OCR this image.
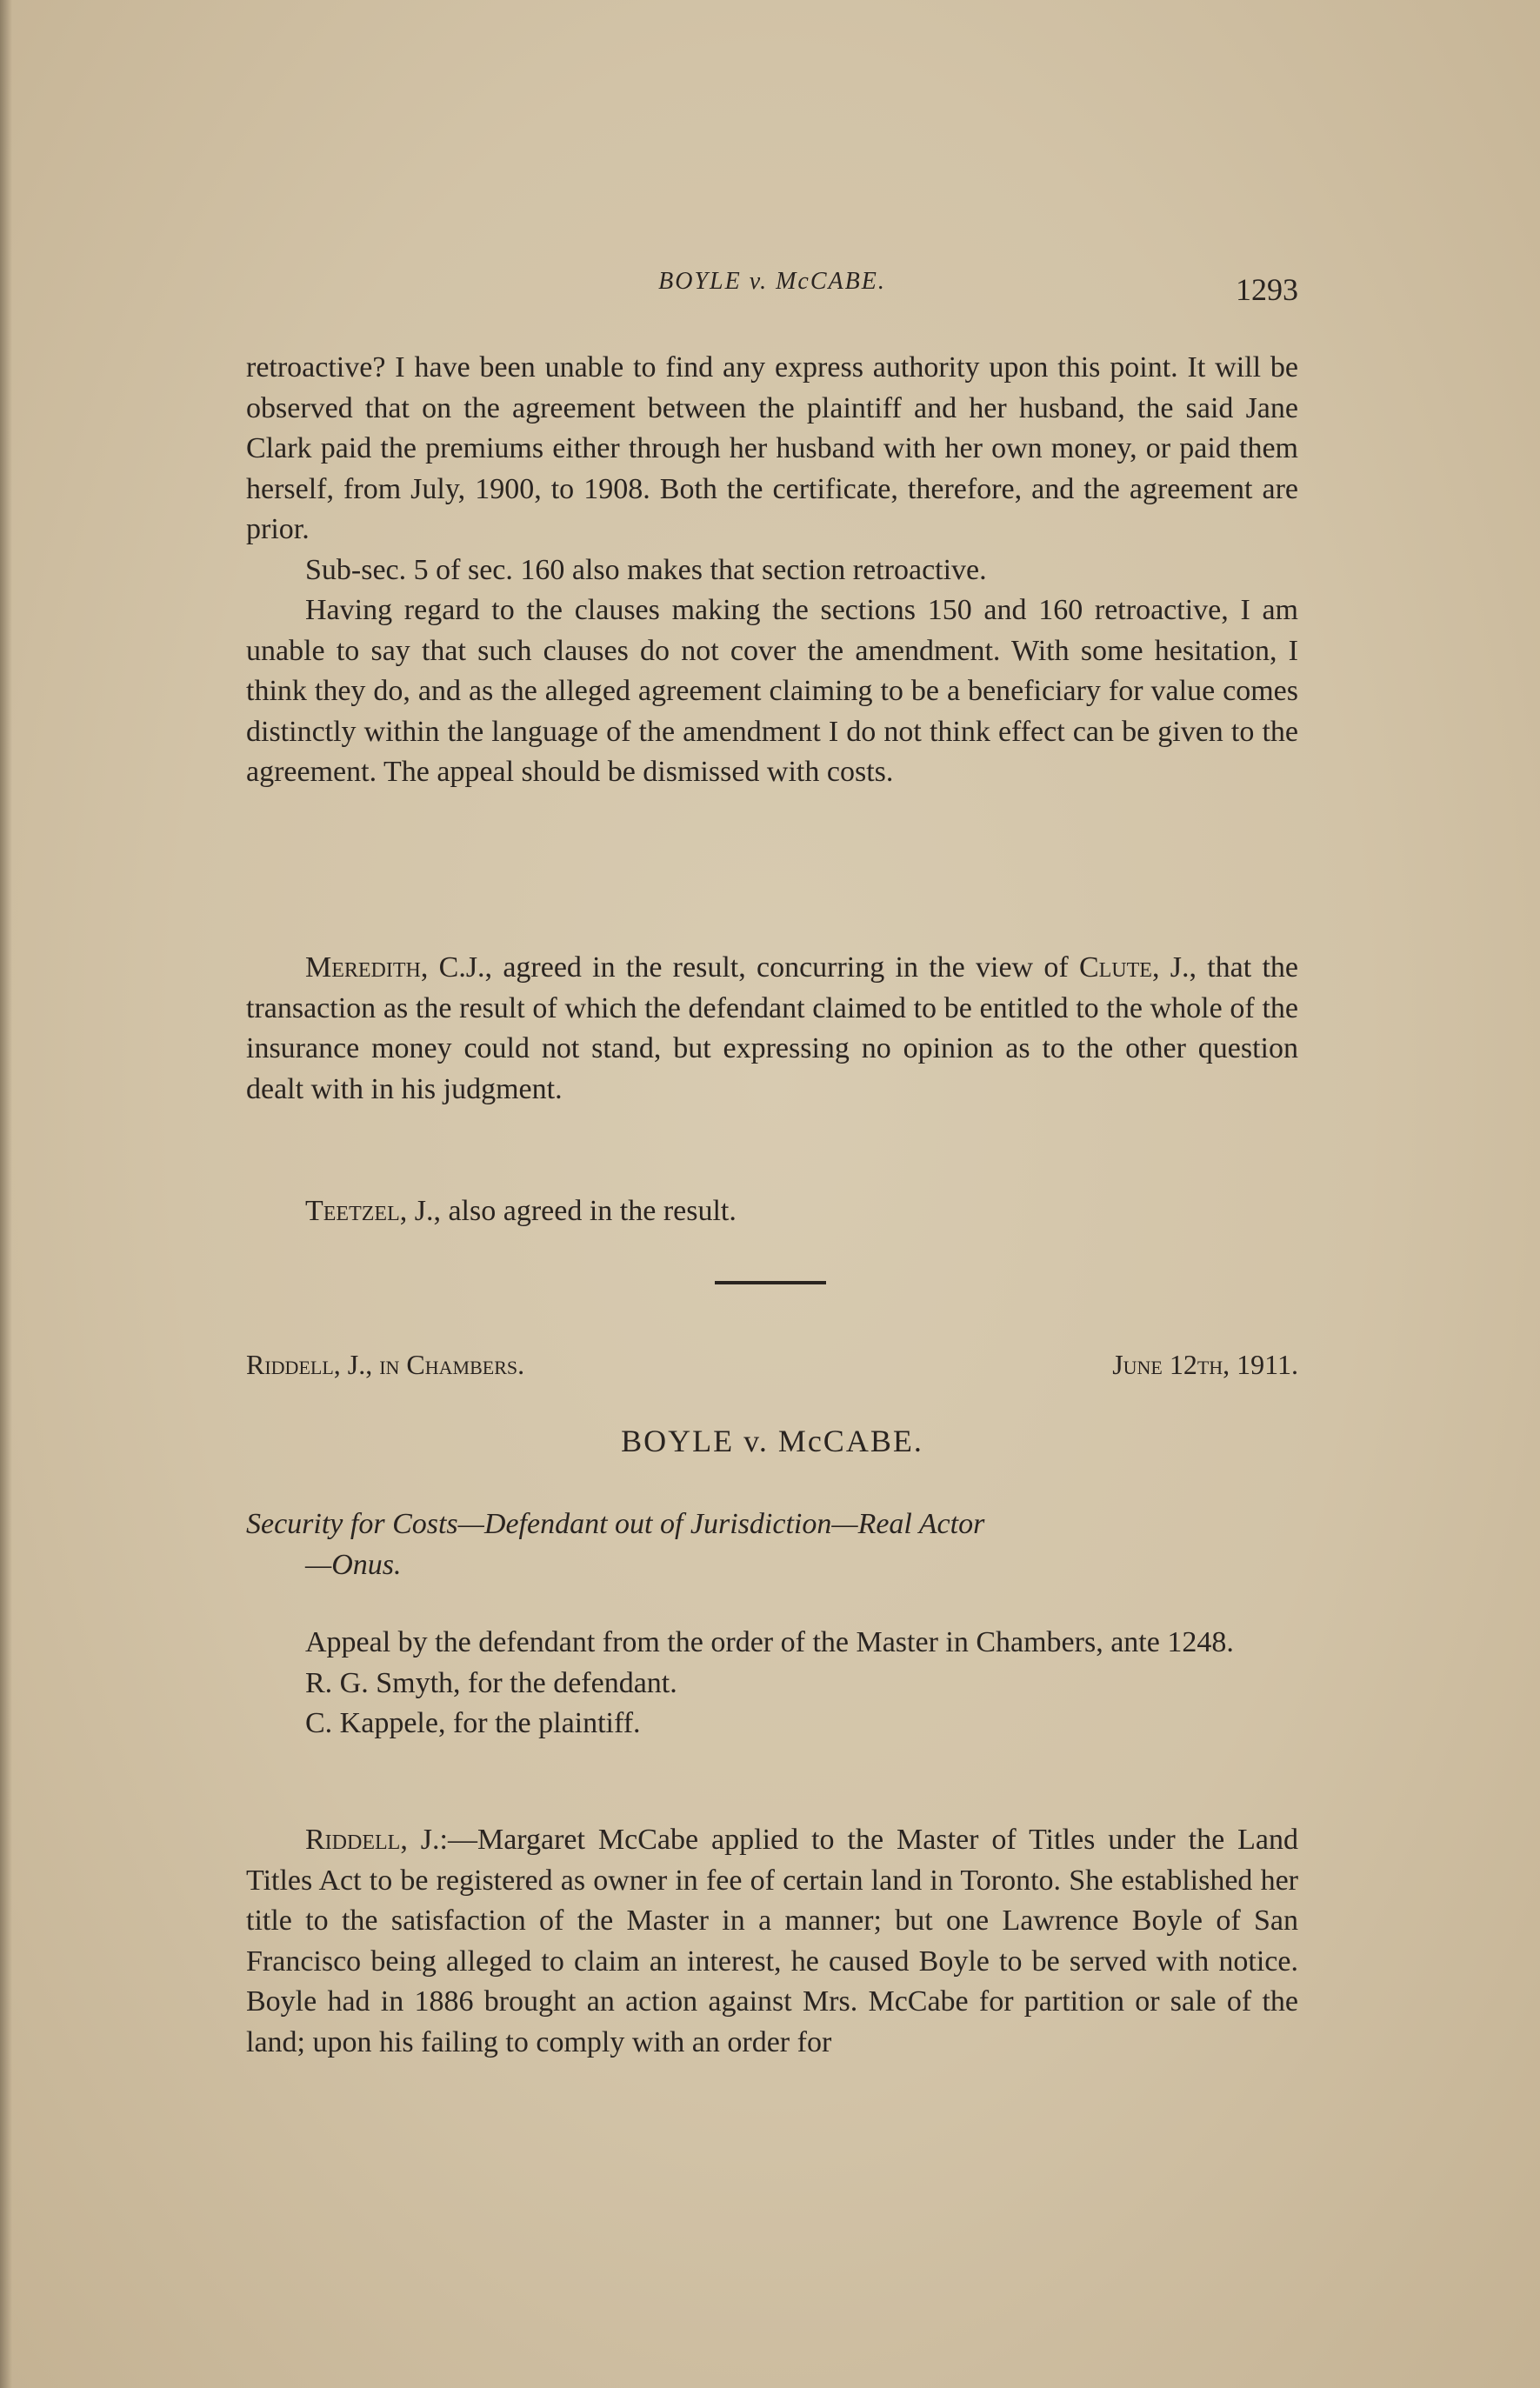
BOYLE v. McCABE.	1293

retroactive? I have been unable to find any express authority upon this point. It will be observed that on the agreement between the plaintiff and her husband, the said Jane Clark paid the premiums either through her husband with her own money, or paid them herself, from July, 1900, to 1908. Both the certificate, therefore, and the agreement are prior.

Sub-sec. 5 of sec. 160 also makes that section retroactive.

Having regard to the clauses making the sections 150 and 160 retroactive, I am unable to say that such clauses do not cover the amendment. With some hesitation, I think they do, and as the alleged agreement claiming to be a beneficiary for value comes distinctly within the language of the amendment I do not think effect can be given to the agreement. The appeal should be dismissed with costs.

Meredith, C.J., agreed in the result, concurring in the view of Clute, J., that the transaction as the result of which the defendant claimed to be entitled to the whole of the insurance money could not stand, but expressing no opinion as to the other question dealt with in his judgment.

Teetzel, J., also agreed in the result.

Riddell, J., in Chambers.	June 12th, 1911.
BOYLE v. McCABE.

Security for Costs—Defendant out of Jurisdiction—Real Actor

—Onus.

Appeal by the defendant from the order of the Master in Chambers, ante 1248.

R. G. Smyth, for the defendant.

C. Kappele, for the plaintiff.

Riddell, J.:—Margaret McCabe applied to the Master of Titles under the Land Titles Act to be registered as owner in fee of certain land in Toronto. She established her title to the satisfaction of the Master in a manner; but one Lawrence Boyle of San Francisco being alleged to claim an interest, he caused Boyle to be served with notice. Boyle had in 1886 brought an action against Mrs. McCabe for partition or sale of the land; upon his failing to comply with an order for
